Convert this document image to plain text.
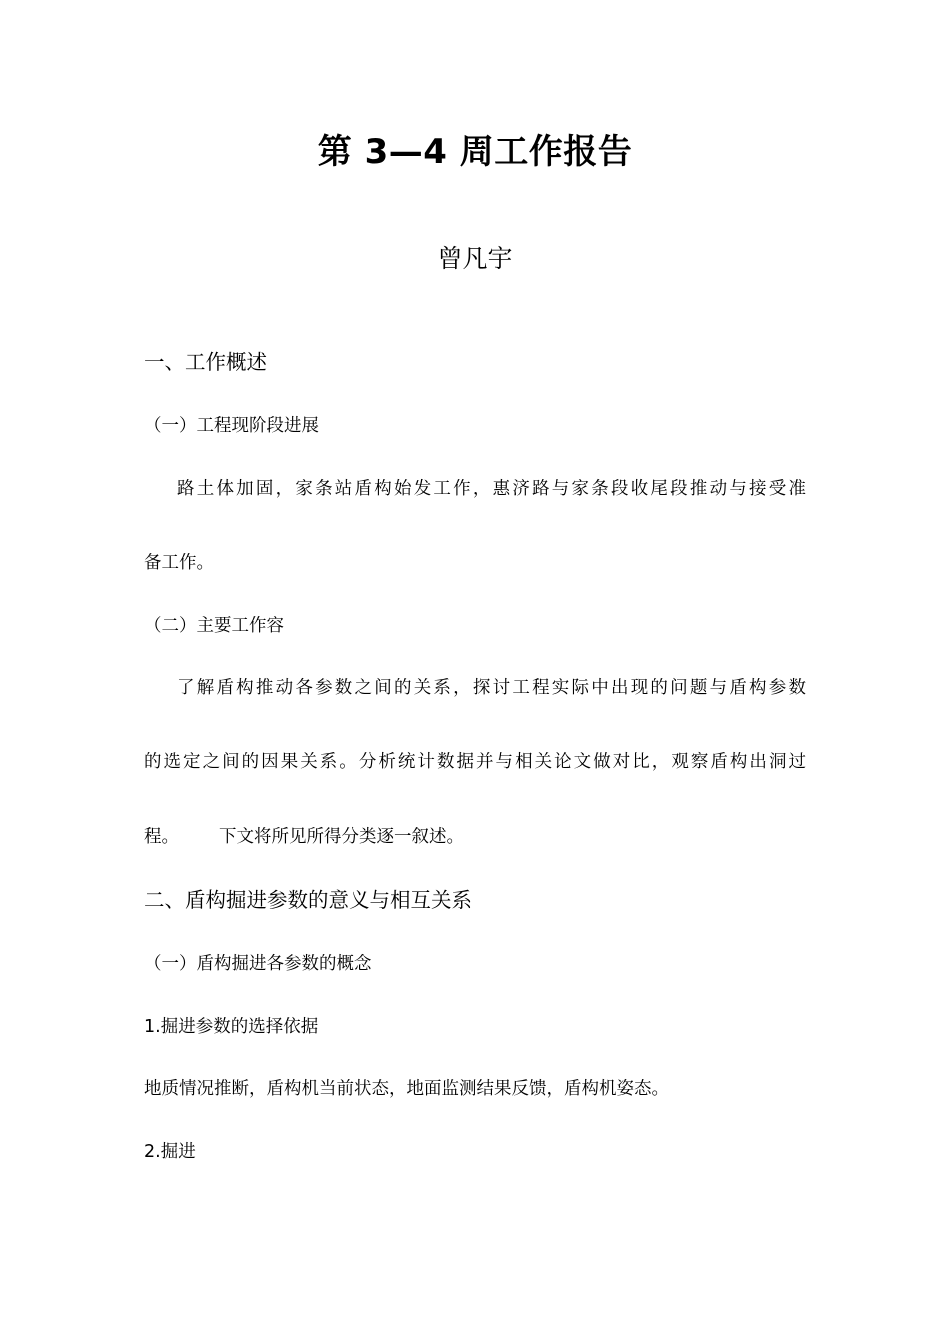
第 3—4 周工作报告
曾凡宇
一、工作概述
（一）工程现阶段进展
路土体加固，家条站盾构始发工作，惠济路与家条段收尾段推动与接受准
备工作。
（二）主要工作容
了解盾构推动各参数之间的关系，探讨工程实际中出现的问题与盾构参数
的选定之间的因果关系。分析统计数据并与相关论文做对比，观察盾构出洞过
程。 下文将所见所得分类逐一叙述。
二、盾构掘进参数的意义与相互关系
（一）盾构掘进各参数的概念
1.掘进参数的选择依据
地质情况推断，盾构机当前状态，地面监测结果反馈，盾构机姿态。
2.掘进
